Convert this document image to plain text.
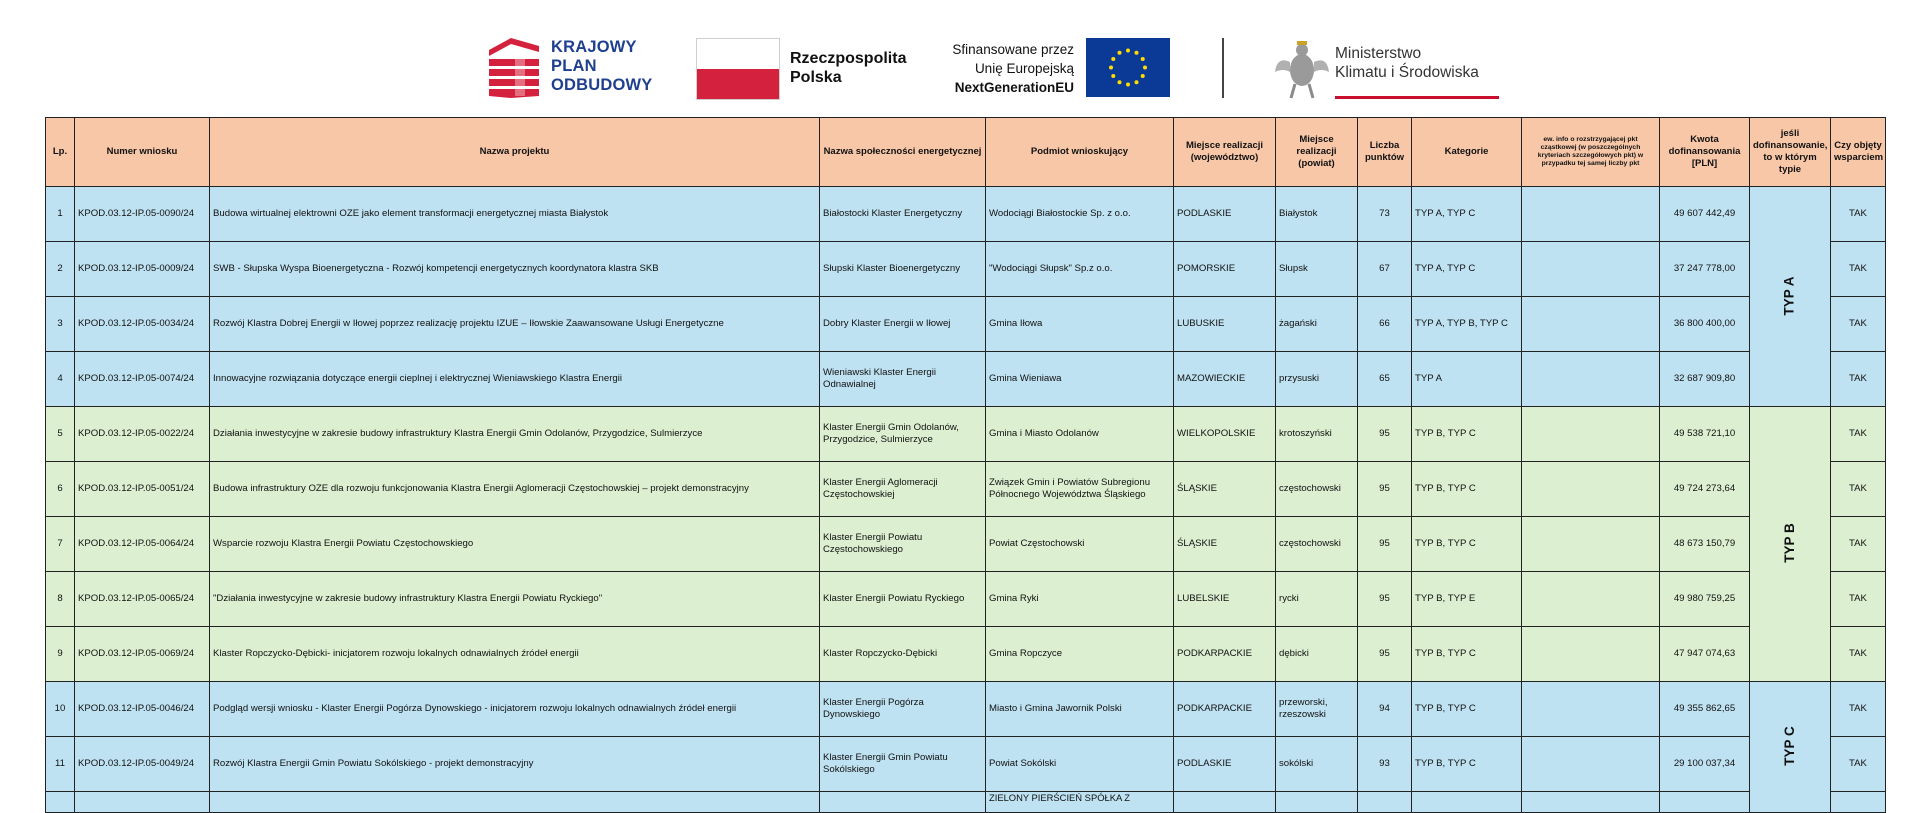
KRAJOWY
PLAN
ODBUDOWY
Rzeczpospolita
Polska
Sfinansowane przez
Unię Europejską
NextGenerationEU
Ministerstwo
Klimatu i Środowiska
Lp.	Numer wniosku	Nazwa projektu	Nazwa społeczności energetycznej	Podmiot wnioskujący	Miejsce realizacji (województwo)	Miejsce realizacji (powiat)	Liczba punktów	Kategorie	ew. info o rozstrzygającej pkt cząstkowej (w poszczególnych kryteriach szczegółowych pkt) w przypadku tej samej liczby pkt	Kwota dofinansowania [PLN]	jeśli dofinansowanie, to w którym typie	Czy objęty wsparciem
1	KPOD.03.12-IP.05-0090/24	Budowa wirtualnej elektrowni OZE jako element transformacji energetycznej miasta Białystok	Białostocki Klaster Energetyczny	Wodociągi Białostockie Sp. z o.o.	PODLASKIE	Białystok	73	TYP A, TYP C		49 607 442,49	TYP A	TAK
2	KPOD.03.12-IP.05-0009/24	SWB - Słupska Wyspa Bioenergetyczna - Rozwój kompetencji energetycznych koordynatora klastra SKB	Słupski Klaster Bioenergetyczny	"Wodociągi Słupsk" Sp.z o.o.	POMORSKIE	Słupsk	67	TYP A, TYP C		37 247 778,00		TAK
3	KPOD.03.12-IP.05-0034/24	Rozwój Klastra Dobrej Energii w Iłowej poprzez realizację projektu IZUE – Iłowskie Zaawansowane Usługi Energetyczne	Dobry Klaster Energii w Iłowej	Gmina Iłowa	LUBUSKIE	żagański	66	TYP A, TYP B, TYP C		36 800 400,00		TAK
4	KPOD.03.12-IP.05-0074/24	Innowacyjne rozwiązania dotyczące energii cieplnej i elektrycznej Wieniawskiego Klastra Energii	Wieniawski Klaster Energii Odnawialnej	Gmina Wieniawa	MAZOWIECKIE	przysuski	65	TYP A		32 687 909,80		TAK
5	KPOD.03.12-IP.05-0022/24	Działania inwestycyjne w zakresie budowy infrastruktury Klastra Energii Gmin Odolanów, Przygodzice, Sulmierzyce	Klaster Energii Gmin Odolanów, Przygodzice, Sulmierzyce	Gmina i Miasto Odolanów	WIELKOPOLSKIE	krotoszyński	95	TYP B, TYP C		49 538 721,10	TYP B	TAK
6	KPOD.03.12-IP.05-0051/24	Budowa infrastruktury OZE dla rozwoju funkcjonowania Klastra Energii Aglomeracji Częstochowskiej – projekt demonstracyjny	Klaster Energii Aglomeracji Częstochowskiej	Związek Gmin i Powiatów Subregionu Północnego Województwa Śląskiego	ŚLĄSKIE	częstochowski	95	TYP B, TYP C		49 724 273,64		TAK
7	KPOD.03.12-IP.05-0064/24	Wsparcie rozwoju Klastra Energii Powiatu Częstochowskiego	Klaster Energii Powiatu Częstochowskiego	Powiat Częstochowski	ŚLĄSKIE	częstochowski	95	TYP B, TYP C		48 673 150,79		TAK
8	KPOD.03.12-IP.05-0065/24	"Działania inwestycyjne w zakresie budowy infrastruktury Klastra Energii Powiatu Ryckiego"	Klaster Energii Powiatu Ryckiego	Gmina Ryki	LUBELSKIE	rycki	95	TYP B, TYP E		49 980 759,25		TAK
9	KPOD.03.12-IP.05-0069/24	Klaster Ropczycko-Dębicki- inicjatorem rozwoju lokalnych odnawialnych źródeł energii	Klaster Ropczycko-Dębicki	Gmina Ropczyce	PODKARPACKIE	dębicki	95	TYP B, TYP C		47 947 074,63		TAK
10	KPOD.03.12-IP.05-0046/24	Podgląd wersji wniosku - Klaster Energii Pogórza Dynowskiego - inicjatorem rozwoju lokalnych odnawialnych źródeł energii	Klaster Energii Pogórza Dynowskiego	Miasto i Gmina Jawornik Polski	PODKARPACKIE	przeworski, rzeszowski	94	TYP B, TYP C		49 355 862,65	TYP C	TAK
11	KPOD.03.12-IP.05-0049/24	Rozwój Klastra Energii Gmin Powiatu Sokólskiego - projekt demonstracyjny	Klaster Energii Gmin Powiatu Sokólskiego	Powiat Sokólski	PODLASKIE	sokólski	93	TYP B, TYP C		29 100 037,34		TAK
				ZIELONY PIERŚCIEŃ SPÓŁKA Z								
